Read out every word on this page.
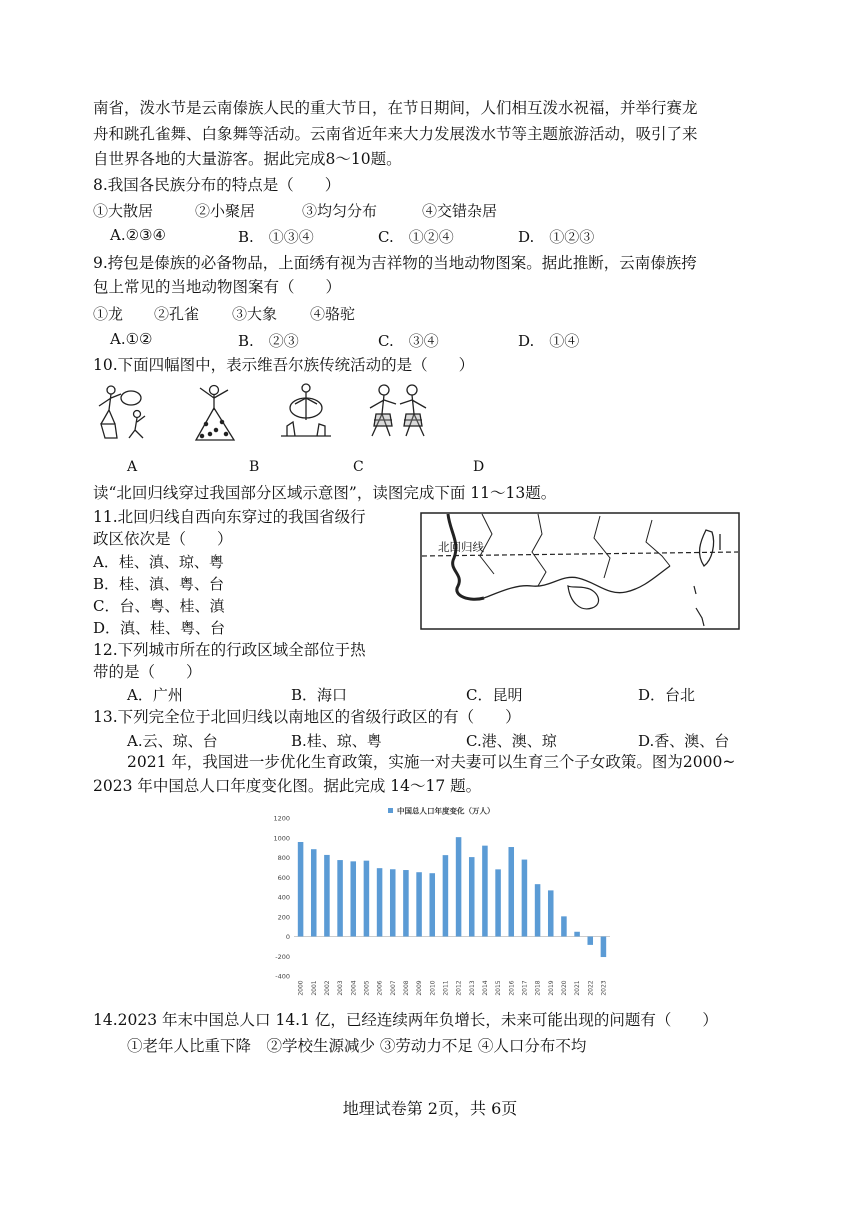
南省，泼水节是云南傣族人民的重大节日，在节日期间，人们相互泼水祝福，并举行赛龙
舟和跳孔雀舞、白象舞等活动。云南省近年来大力发展泼水节等主题旅游活动，吸引了来
自世界各地的大量游客。据此完成8～10题。
8.我国各民族分布的特点是（　　）
①大散居	②小聚居	③均匀分布	④交错杂居
A.②③④	B.　①③④	C.　①②④	D.　①②③
9.挎包是傣族的必备物品，上面绣有视为吉祥物的当地动物图案。据此推断，云南傣族挎
包上常见的当地动物图案有（　　）
①龙 ②孔雀 ③大象 ④骆驼
A.①②	B.　②③	C.　③④	D.　①④
10.下面四幅图中，表示维吾尔族传统活动的是（　　）
A	B	C	D
读“北回归线穿过我国部分区域示意图”，读图完成下面 11～13题。
11.北回归线自西向东穿过的我国省级行
政区依次是（　　）
A．桂、滇、琼、粤
B．桂、滇、粤、台
C．台、粤、桂、滇
D．滇、桂、粤、台
北回归线
12.下列城市所在的行政区域全部位于热
带的是（　　）
A．广州	B．海口	C．昆明	D．台北
13.下列完全位于北回归线以南地区的省级行政区的有（　　）
A.云、琼、台	B.桂、琼、粤	C.港、澳、琼	D.香、澳、台
2021 年，我国进一步优化生育政策，实施一对夫妻可以生育三个子女政策。图为2000~
2023 年中国总人口年度变化图。据此完成 14～17 题。
1200
1000
800
600
400
200
0
-200
-400
2000 2001 2002 2003 2004 2005 2006 2007 2008 2009 2010 2011 2012 2013 2014 2015 2016 2017 2018 2019 2020 2021 2022 2023
中国总人口年度变化（万人）
14.2023 年末中国总人口 14.1 亿，已经连续两年负增长，未来可能出现的问题有（　　）
①老年人比重下降　②学校生源减少 ③劳动力不足 ④人口分布不均
地理试卷第 2页，共 6页
